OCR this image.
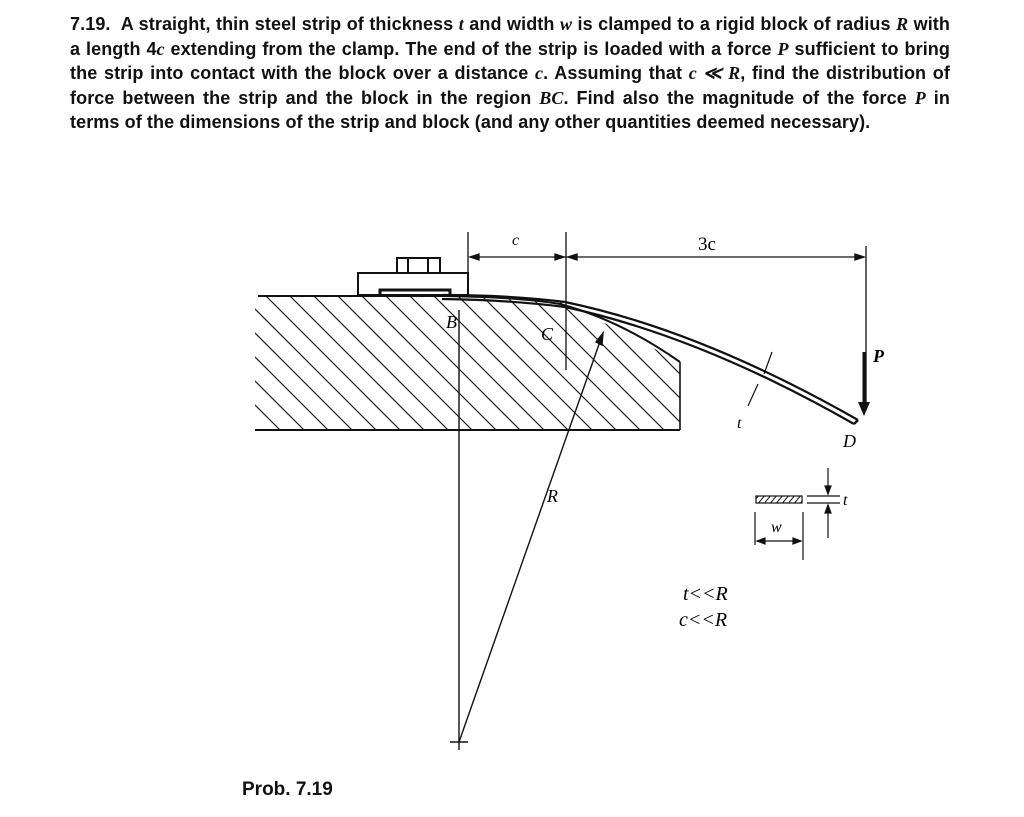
7.19. A straight, thin steel strip of thickness t and width w is clamped to a rigid block of radius R with a length 4c extending from the clamp. The end of the strip is loaded with a force P sufficient to bring the strip into contact with the block over a distance c. Assuming that c ≪ R, find the distribution of force between the strip and the block in the region BC. Find also the magnitude of the force P in terms of the dimensions of the strip and block (and any other quantities deemed necessary).

c	3c
R
B
C
D
P
t
w
t
t<<R
c<<R
Prob. 7.19
